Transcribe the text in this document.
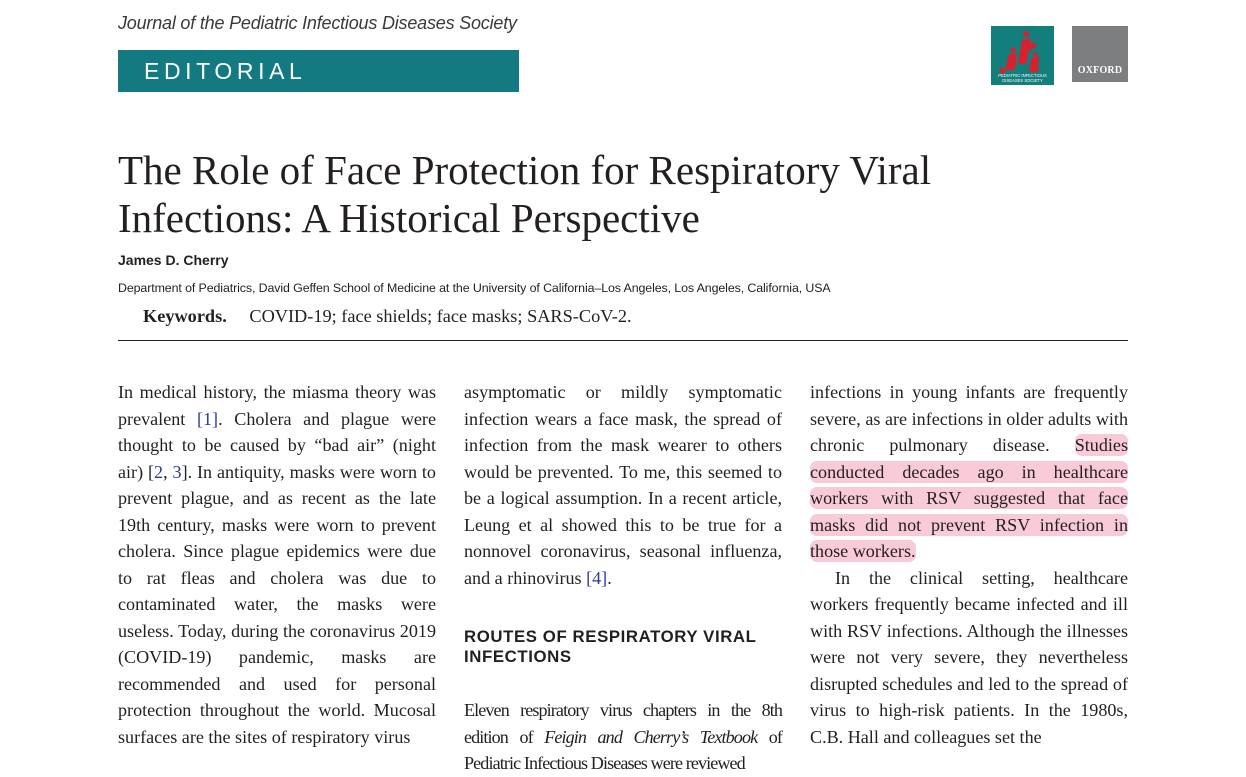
Journal of the Pediatric Infectious Diseases Society
EDITORIAL COMMENTARY
PEDIATRIC INFECTIOUS
DISEASES SOCIETY
OXFORD
The Role of Face Protection for Respiratory Viral
Infections: A Historical Perspective
James D. Cherry
Department of Pediatrics, David Geffen School of Medicine at the University of California–Los Angeles, Los Angeles, California, USA
Keywords. COVID-19; face shields; face masks; SARS-CoV-2.

In medical history, the miasma theory was prevalent [1]. Cholera and plague were thought to be caused by “bad air” (night air) [2, 3]. In antiquity, masks were worn to prevent plague, and as recent as the late 19th century, masks were worn to prevent cholera. Since plague epidemics were due to rat fleas and cholera was due to contaminated water, the masks were useless. Today, during the coronavirus 2019 (COVID-19) pandemic, masks are recommended and used for personal protection throughout the world. Mucosal surfaces are the sites of respiratory virus

asymptomatic or mildly symptomatic infection wears a face mask, the spread of infection from the mask wearer to others would be prevented. To me, this seemed to be a logical assumption. In a recent article, Leung et al showed this to be true for a nonnovel coronavirus, seasonal influenza, and a rhinovirus [4].

ROUTES OF RESPIRATORY VIRAL INFECTIONS

Eleven respiratory virus chapters in the 8th edition of Feigin and Cherry’s Textbook of Pediatric Infectious Diseases were reviewed

infections in young infants are frequently severe, as are infections in older adults with chronic pulmonary disease. Studies conducted decades ago in healthcare workers with RSV suggested that face masks did not prevent RSV infection in those workers.

In the clinical setting, healthcare workers frequently became infected and ill with RSV infections. Although the illnesses were not very severe, they nevertheless disrupted schedules and led to the spread of virus to high-risk patients. In the 1980s, C.B. Hall and colleagues set the
